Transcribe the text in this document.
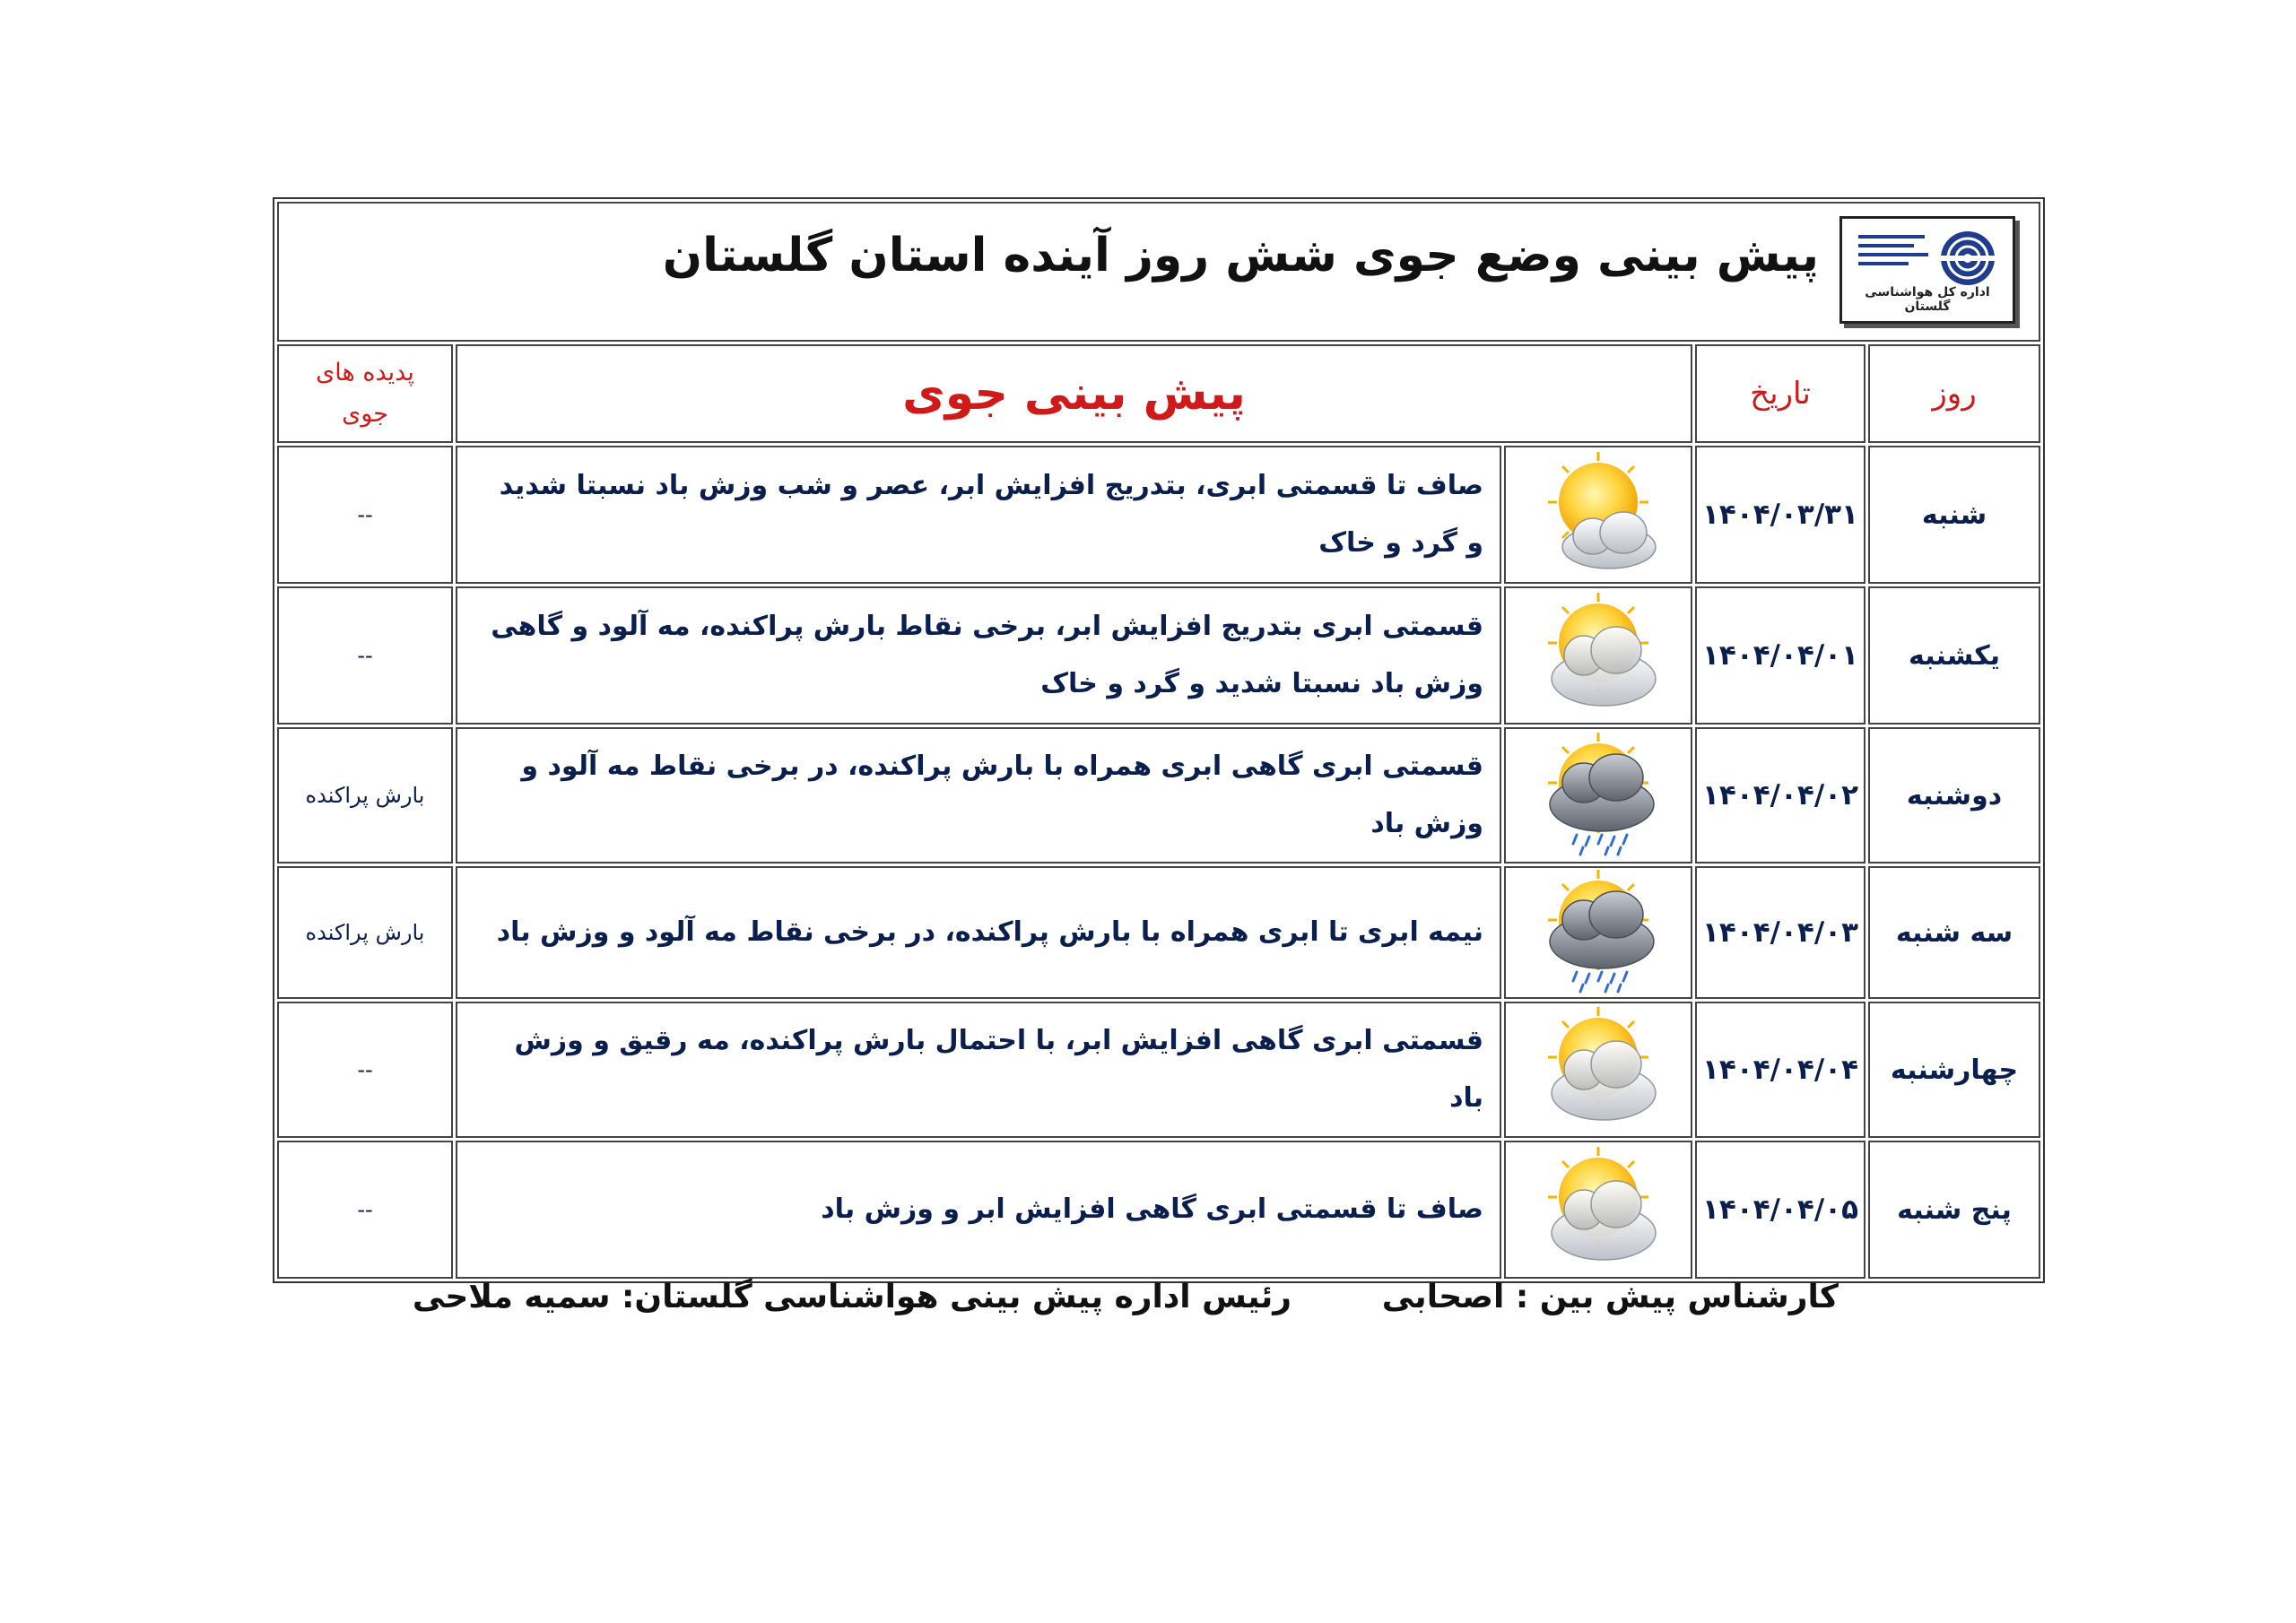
اداره کل هواشناسی گلستان
پیش بینی وضع جوی شش روز آینده استان گلستان				

روز	تاریخ	پیش بینی جوی		پدیده های
جوی

شنبه	۱۴۰۴/۰۳/۳۱		صاف تا قسمتی ابری، بتدریج افزایش ابر، عصر و شب وزش باد نسبتا شدید و گرد و خاک	--
یکشنبه	۱۴۰۴/۰۴/۰۱		قسمتی ابری بتدریج افزایش ابر، برخی نقاط بارش پراکنده، مه آلود و گاهی وزش باد نسبتا شدید و گرد و خاک	--
دوشنبه	۱۴۰۴/۰۴/۰۲		قسمتی ابری گاهی ابری همراه با بارش پراکنده، در برخی نقاط مه آلود و وزش باد	بارش پراکنده
سه شنبه	۱۴۰۴/۰۴/۰۳		نیمه ابری تا ابری همراه با بارش پراکنده، در برخی نقاط مه آلود و وزش باد	بارش پراکنده
چهارشنبه	۱۴۰۴/۰۴/۰۴		قسمتی ابری گاهی افزایش ابر، با احتمال بارش پراکنده، مه رقیق و وزش باد	--
پنج شنبه	۱۴۰۴/۰۴/۰۵		صاف تا قسمتی ابری گاهی افزایش ابر و وزش باد	--
کارشناس پیش بین : اصحابی
رئیس اداره پیش بینی هواشناسی گلستان: سمیه ملاحی
